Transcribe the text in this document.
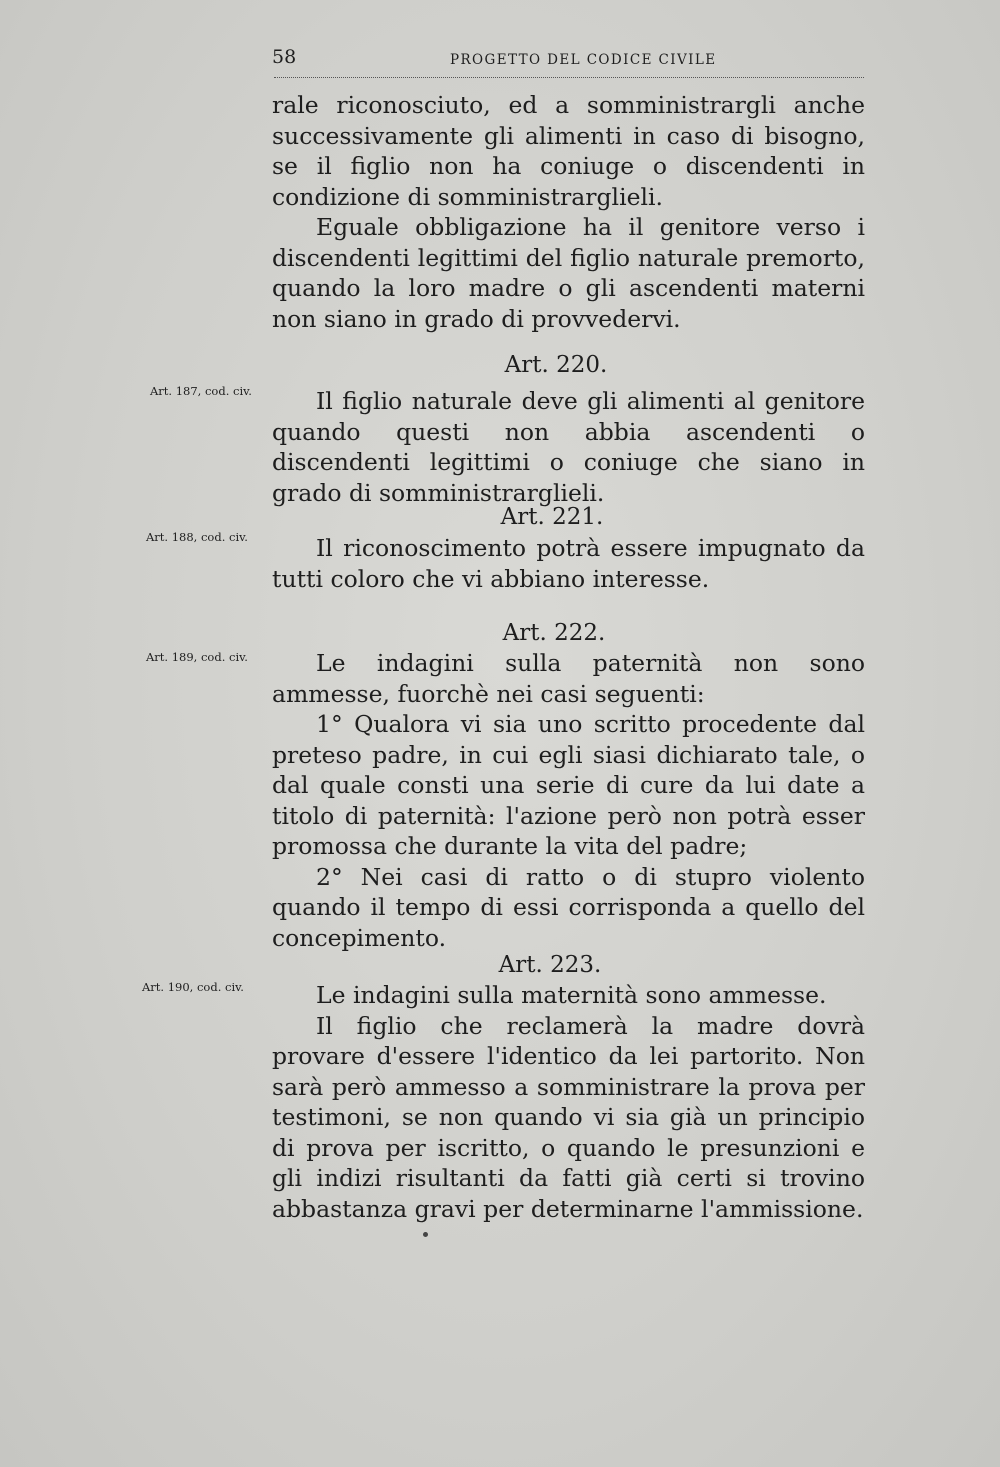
58	PROGETTO DEL CODICE CIVILE

rale riconosciuto, ed a somministrargli anche successivamente gli alimenti in caso di bisogno, se il figlio non ha coniuge o discendenti in condizione di somministrarglieli.

Eguale obbligazione ha il genitore verso i discendenti legittimi del figlio naturale premorto, quando la loro madre o gli ascendenti materni non siano in grado di provvedervi.

Art. 220.
Art. 187, cod. civ.	Il figlio naturale deve gli alimenti al genitore quando questi non abbia ascendenti o discendenti legittimi o coniuge che siano in grado di somministrarglieli.

Art. 221.
Art. 188, cod. civ.	Il riconoscimento potrà essere impugnato da tutti coloro che vi abbiano interesse.

Art. 222.
Art. 189, cod. civ.	Le indagini sulla paternità non sono ammesse, fuorchè nei casi seguenti:

1° Qualora vi sia uno scritto procedente dal preteso padre, in cui egli siasi dichiarato tale, o dal quale consti una serie di cure da lui date a titolo di paternità: l'azione però non potrà esser promossa che durante la vita del padre;

2° Nei casi di ratto o di stupro violento quando il tempo di essi corrisponda a quello del concepimento.

Art. 223.
Art. 190, cod. civ.	Le indagini sulla maternità sono ammesse.

Il figlio che reclamerà la madre dovrà provare d'essere l'identico da lei partorito. Non sarà però ammesso a somministrare la prova per testimoni, se non quando vi sia già un principio di prova per iscritto, o quando le presunzioni e gli indizi risultanti da fatti già certi si trovino abbastanza gravi per determinarne l'ammissione.
